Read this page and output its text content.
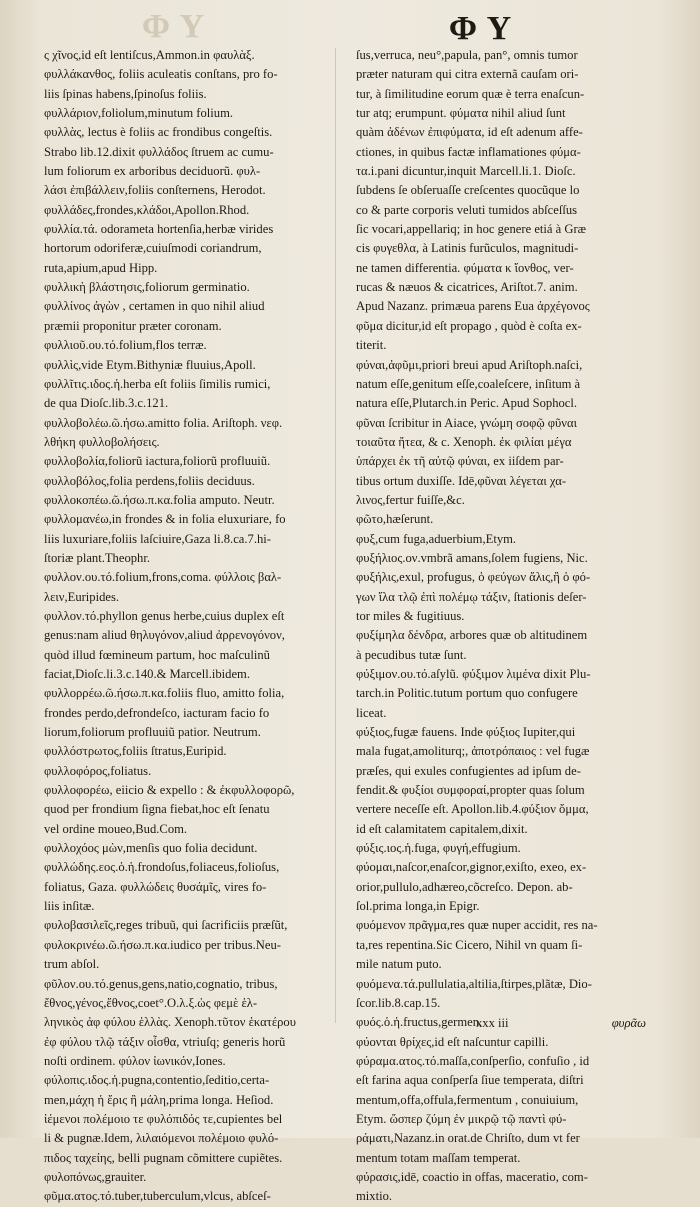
ΦΥ	ΦΥ
ς χῖνος,id eſt lentiſcus,Ammon.in φαυλὰξ.
φυλλάκανθος, foliis aculeatis conſtans, pro fo-
liis ſpinas habens,ſpinoſus foliis.
φυλλάριον,foliolum,minutum folium.
φυλλὰς, lectus è foliis ac frondibus congeſtis.
Strabo lib.12.dixit φυλλάδος ſtruem ac cumu-
lum foliorum ex arboribus deciduorũ. φυλ-
λάσι ἐπιβάλλειν,foliis conſternens, Herodot.
φυλλάδες,frondes,κλάδοι,Apollon.Rhod.
φυλλία.τά. odorameta hortenſia,herbæ virides
hortorum odoriferæ,cuiuſmodi coriandrum,
ruta,apium,apud Hipp.
φυλλικὴ βλάστησις,foliorum germinatio.
φυλλίνος ἀγὼν , certamen in quo nihil aliud
præmii proponitur præter coronam.
φυλλιοῦ.ου.τό.folium,flos terræ.
φυλλὶς,vide Etym.Bithyniæ fluuius,Apoll.
φυλλῖτις.ιδος.ἡ.herba eſt foliis ſimilis rumici,
de qua Dioſc.lib.3.c.121.
φυλλοβολέω.ῶ.ήσω.amitto folia. Ariſtoph. νεφ.
λθήκη φυλλοβολήσεις.
φυλλοβολία,foliorũ iactura,foliorũ profluuiũ.
φυλλοβόλος,folia perdens,foliis deciduus.
φυλλοκοπέω.ῶ.ήσω.π.κα.folia amputo. Neutr.
φυλλομανέω,in frondes & in folia eluxuriare, fo
liis luxuriare,foliis laſciuire,Gaza li.8.ca.7.hi-
ſtoriæ plant.Theophr.
φυλλον.ου.τό.folium,frons,coma. φύλλοις βαλ-
λειν,Euripides.
φυλλον.τό.phyllon genus herbe,cuius duplex eſt
genus:nam aliud θηλυγόνον,aliud ἀρρενογόνον,
quòd illud fœmineum partum, hoc maſculinũ
faciat,Dioſc.li.3.c.140.& Marcell.ibidem.
φυλλορρέω.ῶ.ήσω.π.κα.foliis fluo, amitto folia,
frondes perdo,defrondeſco, iacturam facio fo
liorum,foliorum profluuiũ patior. Neutrum.
φυλλόστρωτος,foliis ſtratus,Euripid.
φυλλοφόρος,foliatus.
φυλλοφορέω, eiicio & expello : & ἐκφυλλοφορῶ,
quod per frondium ſigna fiebat,hoc eſt ſenatu
vel ordine moueo,Bud.Com.
φυλλοχόος μὼν,menſis quo folia decidunt.
φυλλώδης.εος.ὁ.ἡ.frondoſus,foliaceus,folioſus,
foliatus, Gaza. φυλλώδεις θυσάμῖς, vires fo-
liis inſitæ.
φυλοβασιλεῖς,reges tribuũ, qui ſacrificiis præſũt,
φυλοκρινέω.ῶ.ήσω.π.κα.iudico per tribus.Neu-
trum abſol.
φῦλον.ου.τό.genus,gens,natio,cognatio, tribus,
ἔθνος,γένος,ἔθνος,coet°.Ο.λ.ξ.ὡς φεμὲ ἑλ-
ληνικὸς ἀφ φύλου ἑλλὰς. Xenoph.τῦτον ἑκατέρου
ἐφ φύλου τλῷ τάξιν οἶσθα, vtriuſq; generis horũ
noſti ordinem. φύλον ἰωνικόν,Iones.
φύλοπις.ιδος.ἡ.pugna,contentio,ſeditio,certa-
men,μάχη ἡ ἔρις ἢ μάλη,prima longa. Heſiod.
ἱέμενοι πολέμοιο τε φυλόπιδός τε,cupientes bel
li & pugnæ.Idem, λιλαιόμενοι πολέμοιο φυλό-
πιδος ταχείης, belli pugnam cõmittere cupiẽtes.
φυλοπόνως,grauiter.
φῦμα.ατος.τό.tuber,tuberculum,vlcus, abſceſ-
ſus,verruca, neu°,papula, pan°, omnis tumor
præter naturam qui citra externã cauſam ori-
tur, à ſimilitudine eorum quæ è terra enaſcun-
tur atq; erumpunt. φύματα nihil aliud ſunt
quàm ἀδένων ἐπιφύματα, id eſt adenum affe-
ctiones, in quibus factæ inflamationes φύμα-
τα.i.pani dicuntur,inquit Marcell.li.1. Dioſc.
ſubdens ſe obſeruaſſe creſcentes quocũque lo
co & parte corporis veluti tumidos abſceſſus
ſic vocari,appellariq; in hoc genere etiá à Græ
cis φυγεθλα, à Latinis furũculos, magnitudi-
ne tamen differentia. φύματα κ ἴονθος, ver-
rucas & næuos & cicatrices, Ariſtot.7. anim.
Apud Nazanz. primæua parens Eua ἀρχέγονος
φῦμα dicitur,id eſt propago , quòd è coſta ex-
titerit.
φύναι,ἀφῦμι,priori breui apud Ariſtoph.naſci,
natum eſſe,genitum eſſe,coaleſcere, inſitum à
natura eſſe,Plutarch.in Peric. Apud Sophocl.
φῦναι ſcribitur in Aiace, γνώμη σοφῷ φῦναι
τοιαῦτα ἤτεα, & c. Xenoph. ἐκ φιλίαι μέγα
ὑπάρχει ἐκ τῆ αὐτῷ φύναι, ex iiſdem par-
tibus ortum duxiſſe. Idē,φῦναι λέγεται χα-
λινος,fertur fuiſſe,&c.
φῶτο,hæſerunt.
φυξ,cum fuga,aduerbium,Etym.
φυξήλιος.ον.vmbrã amans,ſolem fugiens, Nic.
φυξήλις,exul, profugus, ὁ φεύγων ἄλις,ἢ ὁ φό-
γων ἴλα τλῷ ἐπὶ πολέμῳ τάξιν, ſtationis deſer-
tor miles & fugitiuus.
φυξίμηλα δένδρα, arbores quæ ob altitudinem
à pecudibus tutæ ſunt.
φύξιμον.ου.τό.aſylũ. φύξιμον λιμένα dixit Plu-
tarch.in Politic.tutum portum quo confugere
liceat.
φύξιος,fugæ fauens. Inde φύξιος Iupiter,qui
mala fugat,amoliturq;, ἀποτρόπαιος : vel fugæ
præſes, qui exules confugientes ad ipſum de-
fendit.& φυξίοι συμφοραί,propter quas ſolum
vertere neceſſe eſt. Apollon.lib.4.φύξιον ὄμμα,
id eſt calamitatem capitalem,dixit.
φύξις.ιος.ἡ.fuga, φυγή,effugium.
φύομαι,naſcor,enaſcor,gignor,exiſto, exeo, ex-
orior,pullulo,adhæreo,cõcreſco. Depon. ab-
ſol.prima longa,in Epigr.
φυόμενον πρᾶγμα,res quæ nuper accidit, res na-
ta,res repentina.Sic Cicero, Nihil vn quam ſi-
mile natum puto.
φυόμενα.τά.pullulatia,altilia,ſtirpes,plãtæ, Dio-
ſcor.lib.8.cap.15.
φυός.ὁ.ἡ.fructus,germen.
φύονται θρίχες,id eſt naſcuntur capilli.
φύραμα.ατος.τό.maſſa,conſperſio, confuſio , id
eſt farina aqua conſperſa ſiue temperata, diſtri
mentum,offa,offula,fermentum , conuiuium,
Etym. ὥσπερ ζύμη ἐν μικρῷ τῷ παντὶ φύ-
ράματι,Nazanz.in orat.de Chriſto, dum vt fer
mentum totam maſſam temperat.
φύρασις,idē, coactio in offas, maceratio, com-
mixtio.
xxx iii	φυρᾶω
